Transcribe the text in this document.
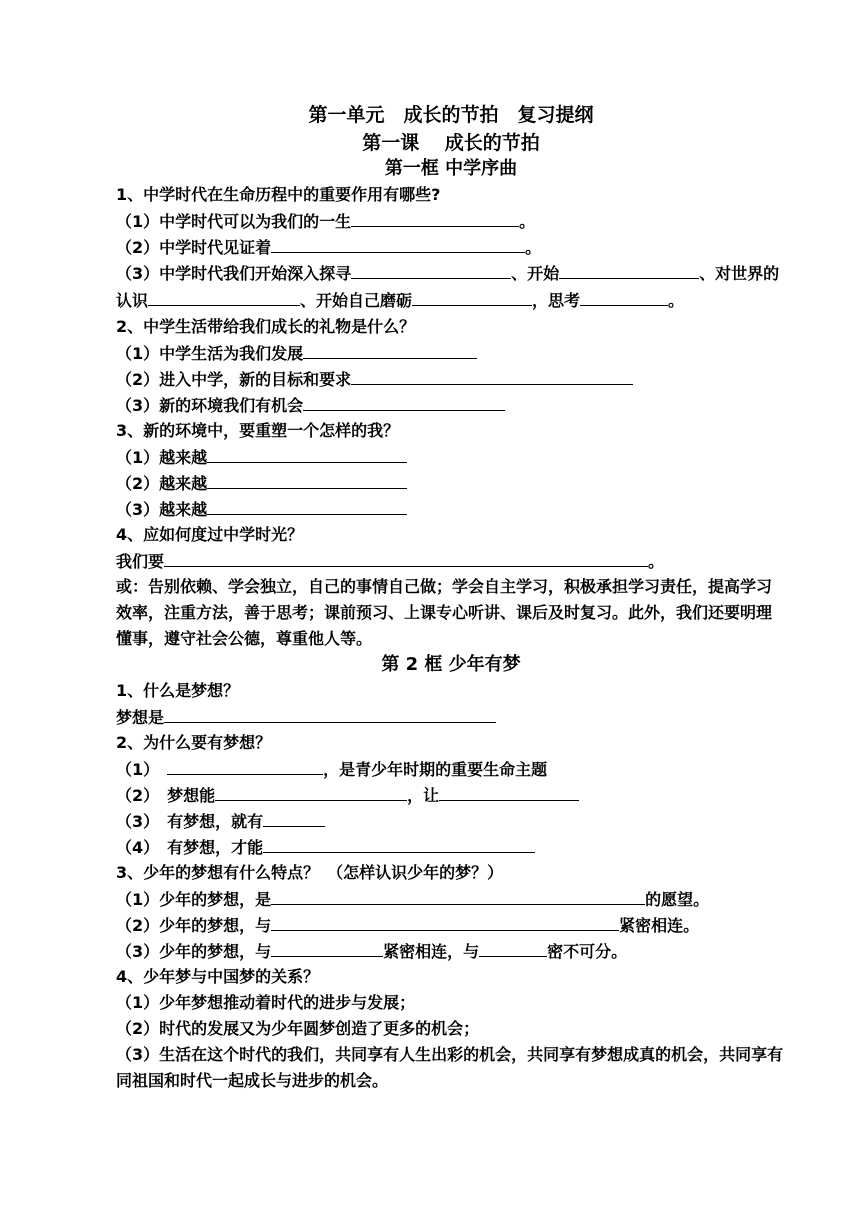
第一单元　成长的节拍　复习提纲
第一课　 成长的节拍
第一框 中学序曲
1、中学时代在生命历程中的重要作用有哪些?
（1）中学时代可以为我们的一生	。
（2）中学时代见证着	。
（3）中学时代我们开始深入探寻	、开始	、对世界的认识	、开始自己磨砺	，思考	。
2、中学生活带给我们成长的礼物是什么？
（1）中学生活为我们发展
（2）进入中学，新的目标和要求
（3）新的环境我们有机会
3、新的环境中，要重塑一个怎样的我？
（1）越来越
（2）越来越
（3）越来越
4、应如何度过中学时光？
我们要	。
或：告别依赖、学会独立，自己的事情自己做；学会自主学习，积极承担学习责任，提高学习效率，注重方法，善于思考；课前预习、上课专心听讲、课后及时复习。此外，我们还要明理懂事，遵守社会公德，尊重他人等。
第 2 框 少年有梦
1、什么是梦想？
梦想是
2、为什么要有梦想？
（1）　	，是青少年时期的重要生命主题
（2）　梦想能	，让
（3）　有梦想，就有
（4）　有梦想，才能
3、少年的梦想有什么特点？　（怎样认识少年的梦？）
（1）少年的梦想，是	的愿望。
（2）少年的梦想，与	紧密相连。
（3）少年的梦想，与	紧密相连，与	密不可分。
4、少年梦与中国梦的关系？
（1）少年梦想推动着时代的进步与发展；
（2）时代的发展又为少年圆梦创造了更多的机会；
（3）生活在这个时代的我们，共同享有人生出彩的机会，共同享有梦想成真的机会，共同享有同祖国和时代一起成长与进步的机会。
